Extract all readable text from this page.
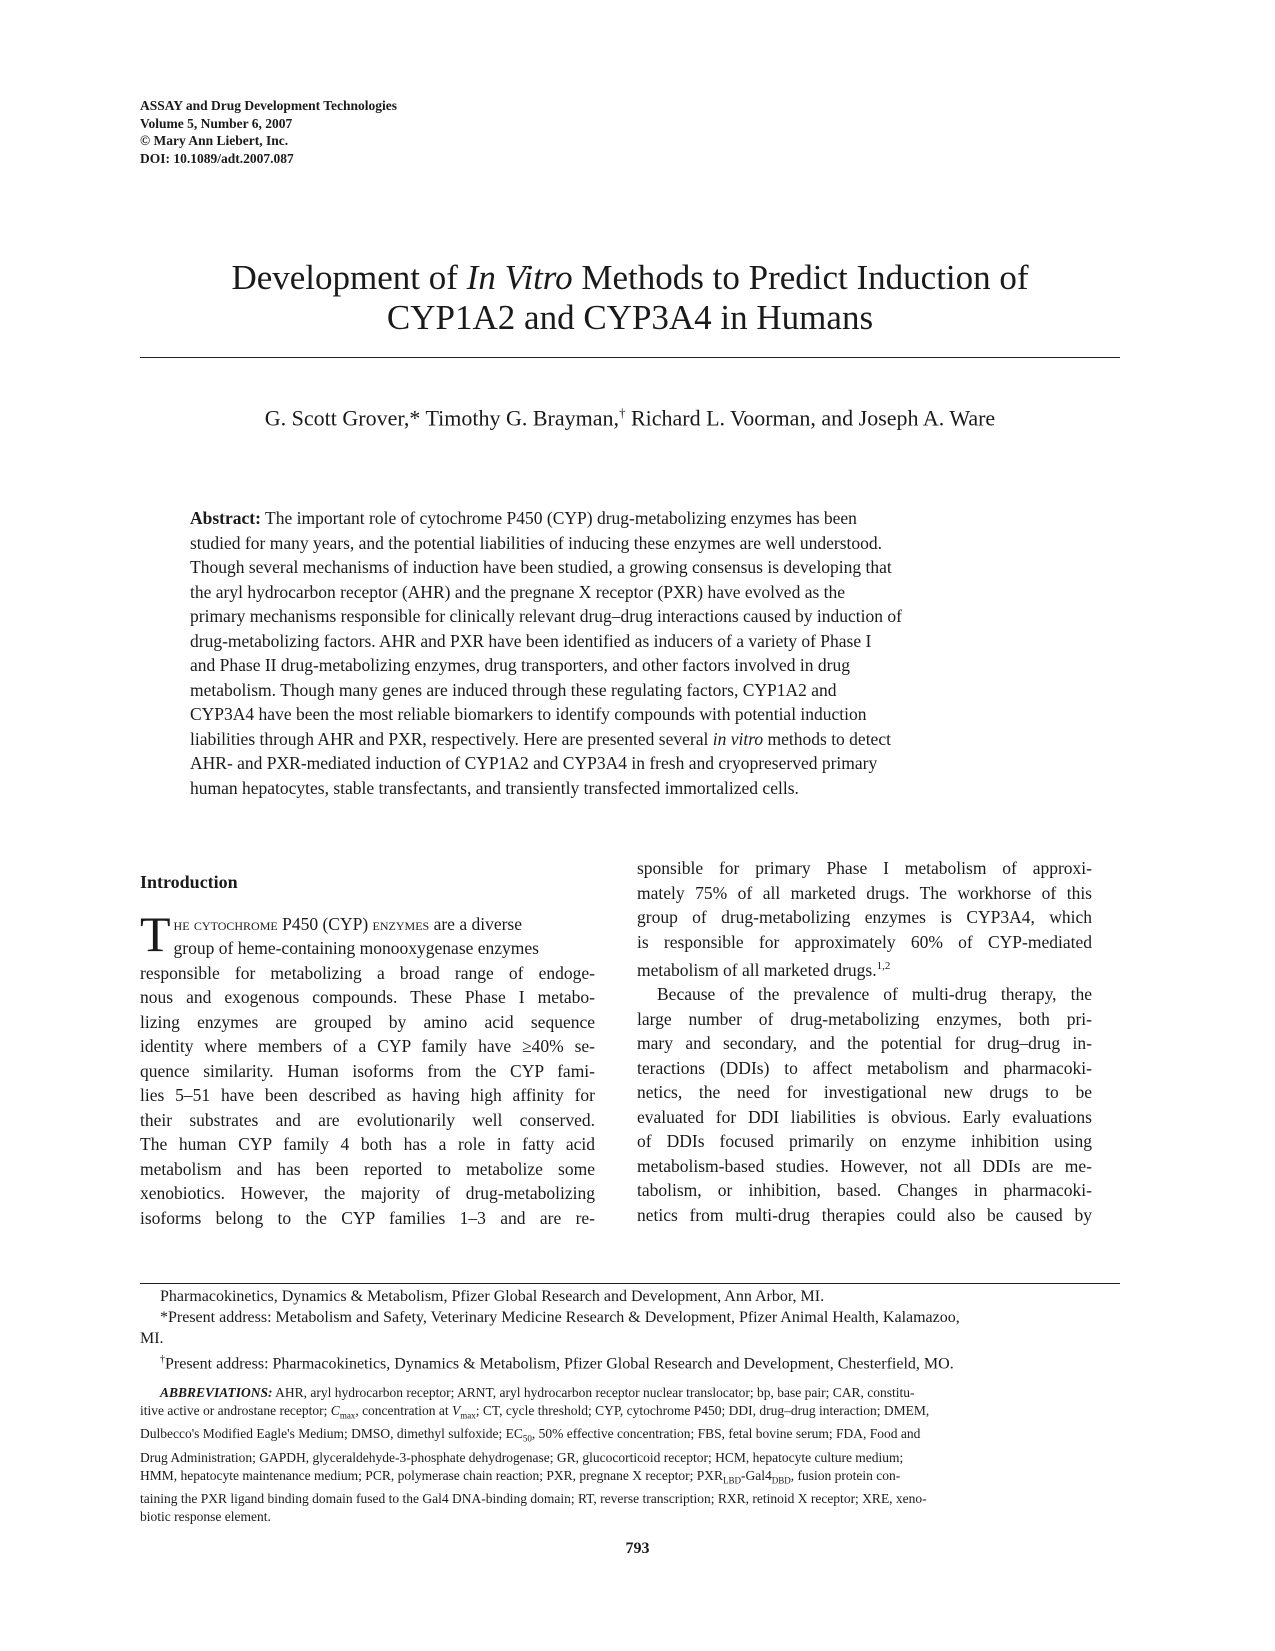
ASSAY and Drug Development Technologies
Volume 5, Number 6, 2007
© Mary Ann Liebert, Inc.
DOI: 10.1089/adt.2007.087
Development of In Vitro Methods to Predict Induction of
CYP1A2 and CYP3A4 in Humans
G. Scott Grover,* Timothy G. Brayman,† Richard L. Voorman, and Joseph A. Ware
Abstract: The important role of cytochrome P450 (CYP) drug-metabolizing enzymes has been
studied for many years, and the potential liabilities of inducing these enzymes are well understood.
Though several mechanisms of induction have been studied, a growing consensus is developing that
the aryl hydrocarbon receptor (AHR) and the pregnane X receptor (PXR) have evolved as the
primary mechanisms responsible for clinically relevant drug–drug interactions caused by induction of
drug-metabolizing factors. AHR and PXR have been identified as inducers of a variety of Phase I
and Phase II drug-metabolizing enzymes, drug transporters, and other factors involved in drug
metabolism. Though many genes are induced through these regulating factors, CYP1A2 and
CYP3A4 have been the most reliable biomarkers to identify compounds with potential induction
liabilities through AHR and PXR, respectively. Here are presented several in vitro methods to detect
AHR- and PXR-mediated induction of CYP1A2 and CYP3A4 in fresh and cryopreserved primary
human hepatocytes, stable transfectants, and transiently transfected immortalized cells.
Introduction
T he cytochrome P450 (CYP) enzymes are a diverse
group of heme-containing monooxygenase enzymes
responsible for metabolizing a broad range of endoge-
nous and exogenous compounds. These Phase I metabo-
lizing enzymes are grouped by amino acid sequence
identity where members of a CYP family have ≥40% se-
quence similarity. Human isoforms from the CYP fami-
lies 5–51 have been described as having high affinity for
their substrates and are evolutionarily well conserved.
The human CYP family 4 both has a role in fatty acid
metabolism and has been reported to metabolize some
xenobiotics. However, the majority of drug-metabolizing
isoforms belong to the CYP families 1–3 and are re-
sponsible for primary Phase I metabolism of approxi-
mately 75% of all marketed drugs. The workhorse of this
group of drug-metabolizing enzymes is CYP3A4, which
is responsible for approximately 60% of CYP-mediated
metabolism of all marketed drugs.$^{1,2}$
Because of the prevalence of multi-drug therapy, the
large number of drug-metabolizing enzymes, both pri-
mary and secondary, and the potential for drug–drug in-
teractions (DDIs) to affect metabolism and pharmacoki-
netics, the need for investigational new drugs to be
evaluated for DDI liabilities is obvious. Early evaluations
of DDIs focused primarily on enzyme inhibition using
metabolism-based studies. However, not all DDIs are me-
tabolism, or inhibition, based. Changes in pharmacoki-
netics from multi-drug therapies could also be caused by
Pharmacokinetics, Dynamics & Metabolism, Pfizer Global Research and Development, Ann Arbor, MI.
*Present address: Metabolism and Safety, Veterinary Medicine Research & Development, Pfizer Animal Health, Kalamazoo,
MI.
†Present address: Pharmacokinetics, Dynamics & Metabolism, Pfizer Global Research and Development, Chesterfield, MO.
ABBREVIATIONS: AHR, aryl hydrocarbon receptor; ARNT, aryl hydrocarbon receptor nuclear translocator; bp, base pair; CAR, constitu-
itive active or androstane receptor; $C_{max}$, concentration at $V_{max}$; CT, cycle threshold; CYP, cytochrome P450; DDI, drug–drug interaction; DMEM,
Dulbecco's Modified Eagle's Medium; DMSO, dimethyl sulfoxide; $EC_{50}$, 50% effective concentration; FBS, fetal bovine serum; FDA, Food and
Drug Administration; GAPDH, glyceraldehyde-3-phosphate dehydrogenase; GR, glucocorticoid receptor; HCM, hepatocyte culture medium;
HMM, hepatocyte maintenance medium; PCR, polymerase chain reaction; PXR, pregnane X receptor; $PXR_{LBD}-Gal4_{DBD}$, fusion protein con-
taining the PXR ligand binding domain fused to the Gal4 DNA-binding domain; RT, reverse transcription; RXR, retinoid X receptor; XRE, xeno-
biotic response element.
793
